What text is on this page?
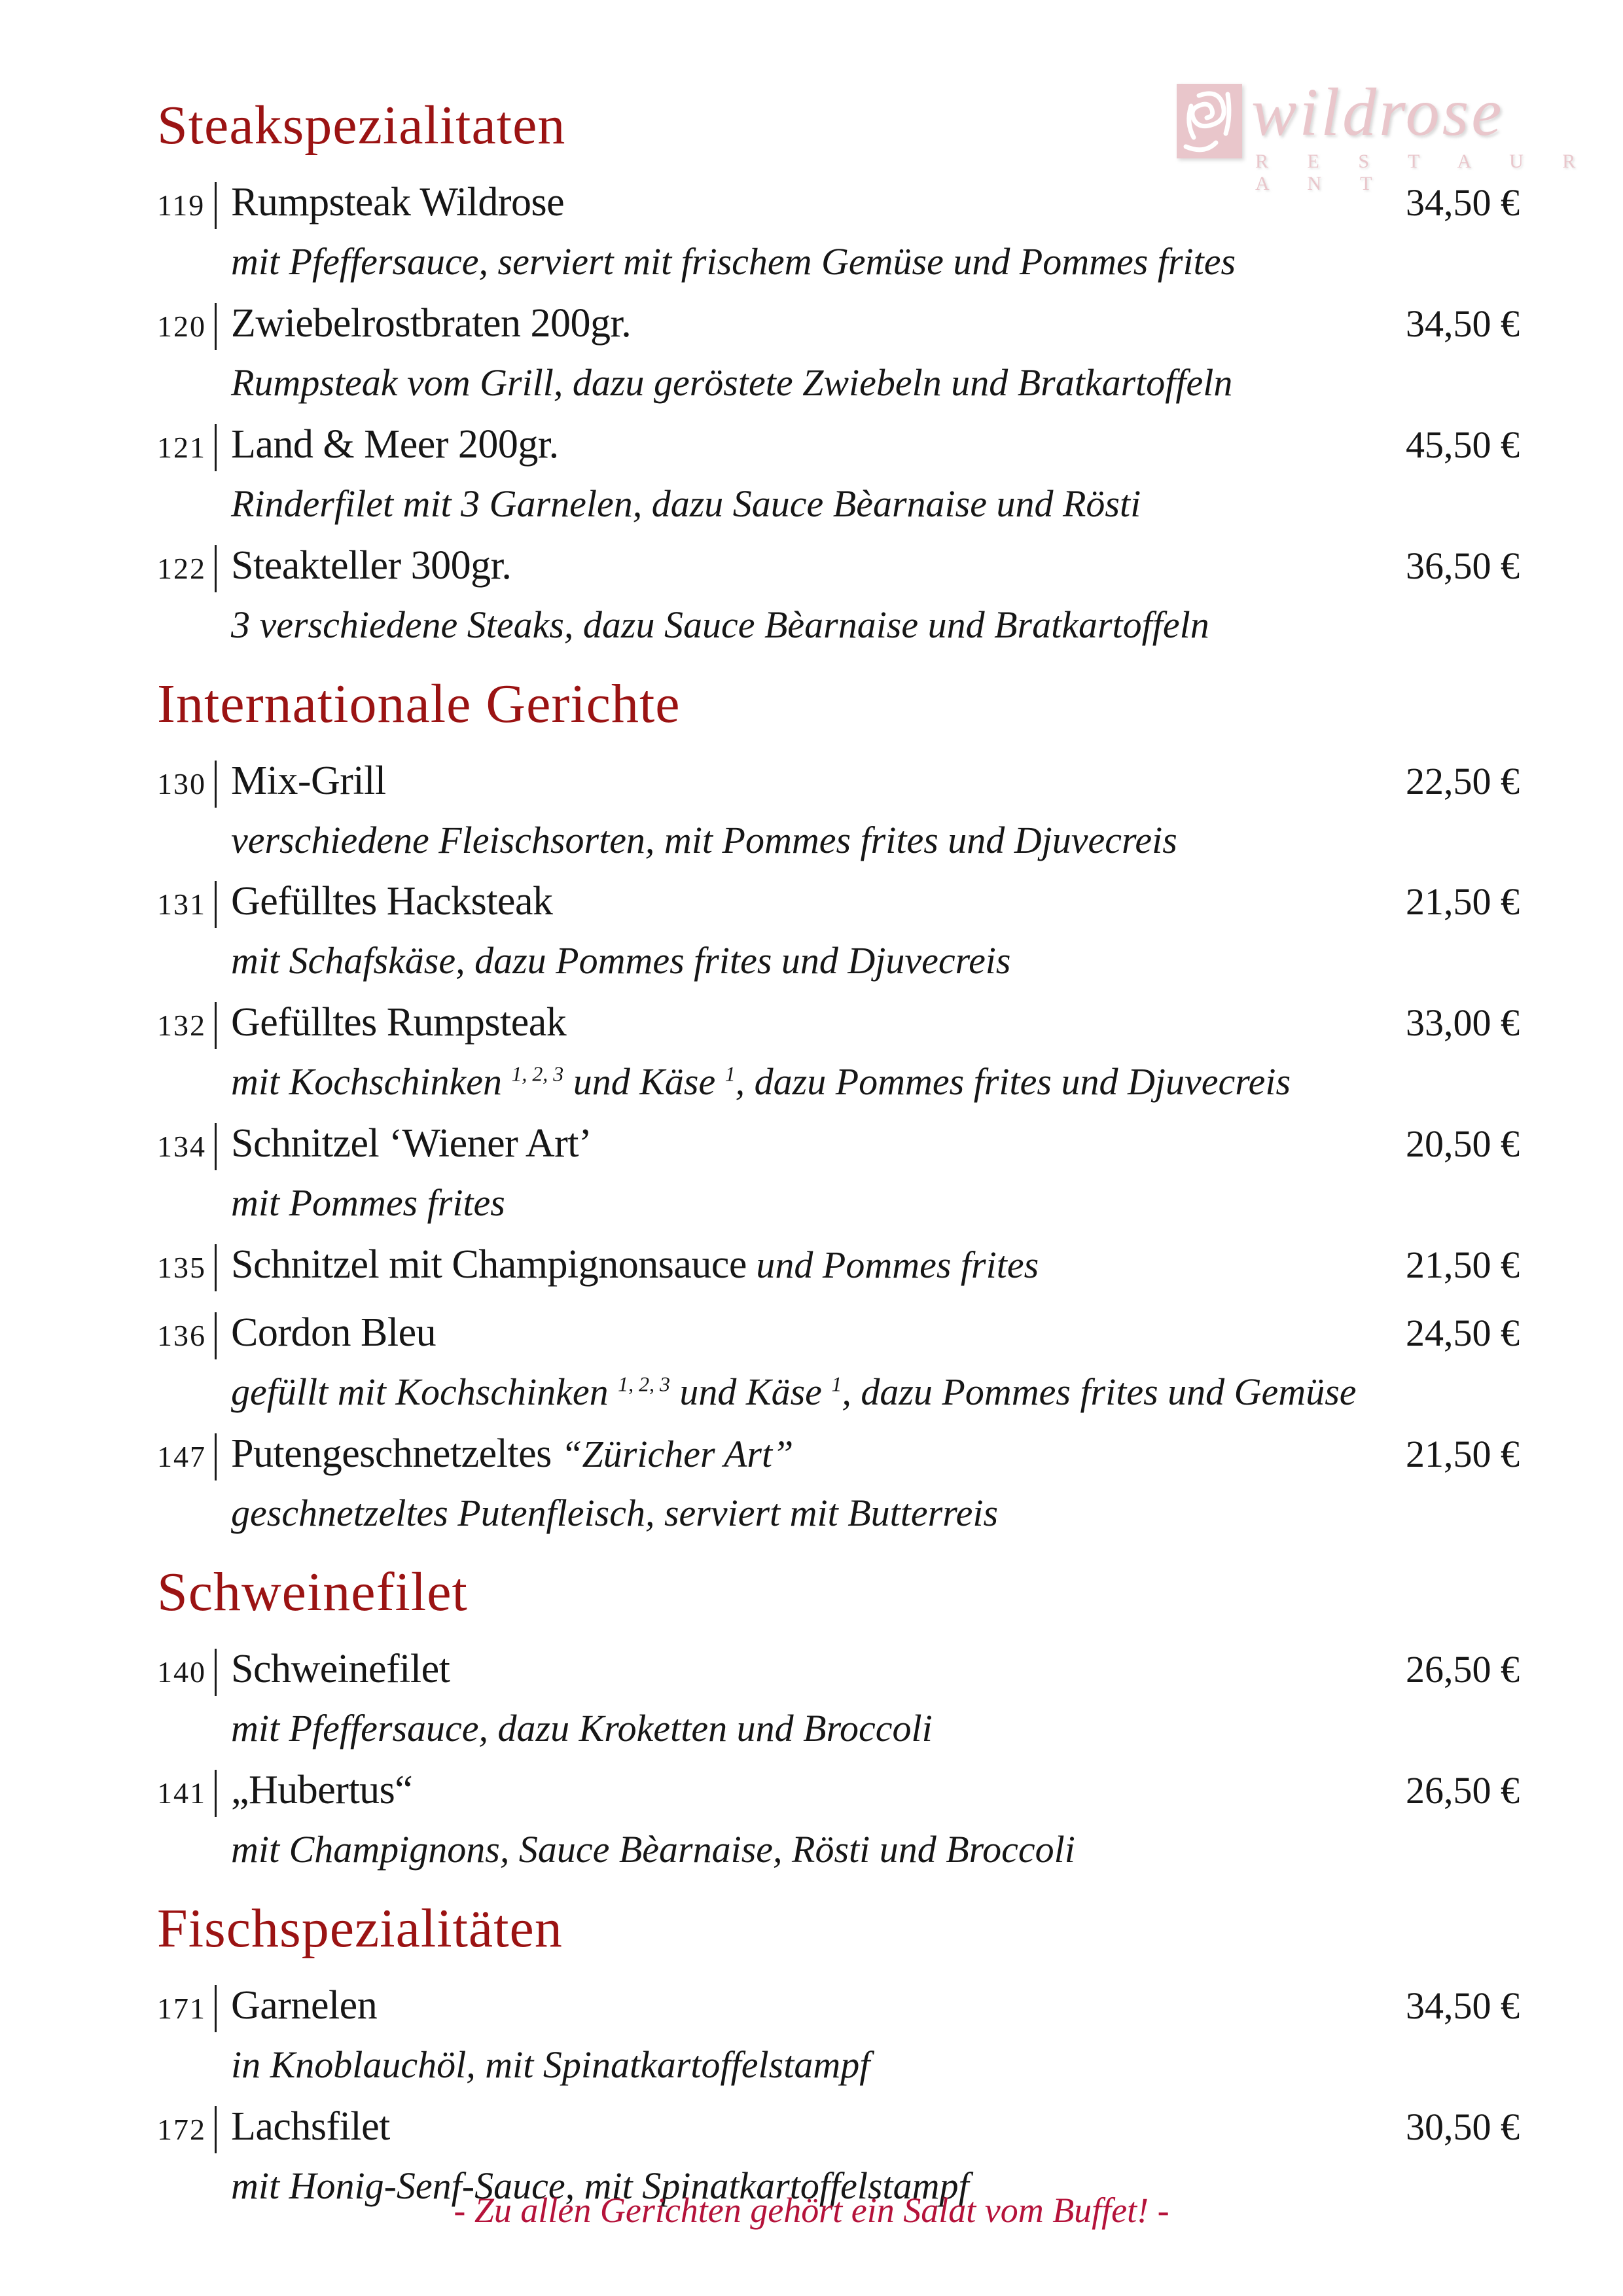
wildrose
R E S T A U R A N T
Steakspezialitaten
119 Rumpsteak Wildrose	34,50 €
mit Pfeffersauce, serviert mit frischem Gemüse und Pommes frites
120 Zwiebelrostbraten 200gr.	34,50 €
Rumpsteak vom Grill, dazu geröstete Zwiebeln und Bratkartoffeln
121 Land & Meer 200gr.	45,50 €
Rinderfilet mit 3 Garnelen, dazu Sauce Bèarnaise und Rösti
122 Steakteller 300gr.	36,50 €
3 verschiedene Steaks, dazu Sauce Bèarnaise und Bratkartoffeln
Internationale Gerichte
130 Mix-Grill	22,50 €
verschiedene Fleischsorten, mit Pommes frites und Djuvecreis
131 Gefülltes Hacksteak	21,50 €
mit Schafskäse, dazu Pommes frites und Djuvecreis
132 Gefülltes Rumpsteak	33,00 €
mit Kochschinken $^{1, 2, 3}$ und Käse $^1$, dazu Pommes frites und Djuvecreis
134 Schnitzel ‘Wiener Art’	20,50 €
mit Pommes frites
135 Schnitzel mit Champignonsauce und Pommes frites	21,50 €
136 Cordon Bleu	24,50 €
gefüllt mit Kochschinken $^{1, 2, 3}$ und Käse $^1$, dazu Pommes frites und Gemüse
147 Putengeschnetzeltes “Züricher Art”	21,50 €
geschnetzeltes Putenfleisch, serviert mit Butterreis
Schweinefilet
140 Schweinefilet	26,50 €
mit Pfeffersauce, dazu Kroketten und Broccoli
141 „Hubertus“	26,50 €
mit Champignons, Sauce Bèarnaise, Rösti und Broccoli
Fischspezialitäten
171 Garnelen	34,50 €
in Knoblauchöl, mit Spinatkartoffelstampf
172 Lachsfilet	30,50 €
mit Honig-Senf-Sauce, mit Spinatkartoffelstampf
- Zu allen Gerichten gehört ein Salat vom Buffet! -
